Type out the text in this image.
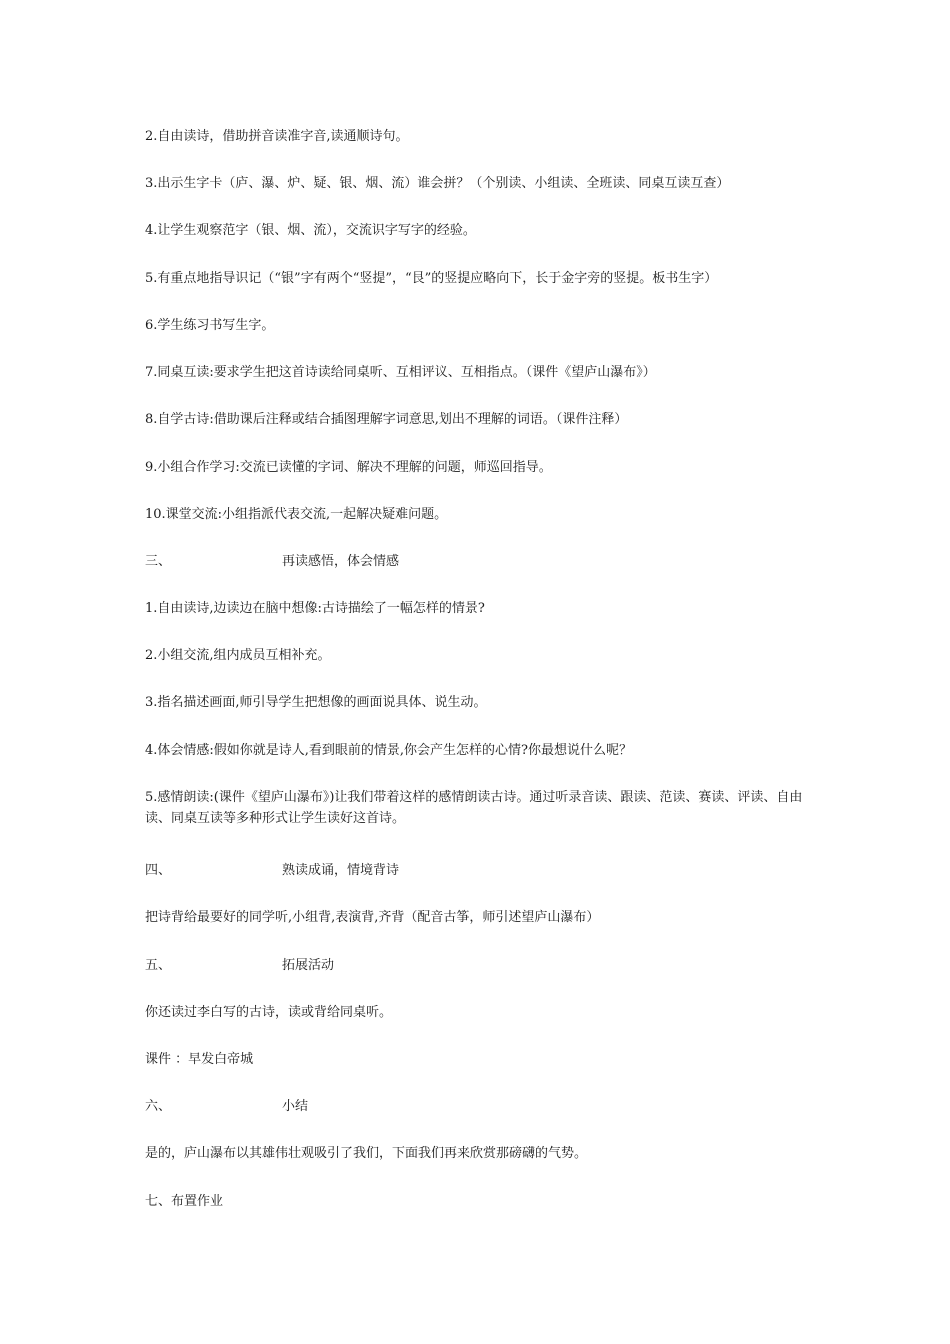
2.自由读诗，借助拼音读准字音,读通顺诗句。
3.出示生字卡（庐、瀑、炉、疑、银、烟、流）谁会拼？（个别读、小组读、全班读、同桌互读互查）
4.让学生观察范字（银、烟、流），交流识字写字的经验。
5.有重点地指导识记（“银”字有两个“竖提”，“艮”的竖提应略向下，长于金字旁的竖提。板书生字）
6.学生练习书写生字。
7.同桌互读:要求学生把这首诗读给同桌听、互相评议、互相指点。（课件《望庐山瀑布》）
8.自学古诗:借助课后注释或结合插图理解字词意思,划出不理解的词语。（课件注释）
9.小组合作学习:交流已读懂的字词、解决不理解的问题，师巡回指导。
10.课堂交流:小组指派代表交流,一起解决疑难问题。
三、	再读感悟，体会情感
1.自由读诗,边读边在脑中想像:古诗描绘了一幅怎样的情景?
2.小组交流,组内成员互相补充。
3.指名描述画面,师引导学生把想像的画面说具体、说生动。
4.体会情感:假如你就是诗人,看到眼前的情景,你会产生怎样的心情?你最想说什么呢？
5.感情朗读:(课件《望庐山瀑布》)让我们带着这样的感情朗读古诗。通过听录音读、跟读、范读、赛读、评读、自由读、同桌互读等多种形式让学生读好这首诗。
四、	熟读成诵，情境背诗
把诗背给最要好的同学听,小组背,表演背,齐背（配音古筝，师引述望庐山瀑布）
五、	拓展活动
你还读过李白写的古诗，读或背给同桌听。
课件 ：早发白帝城
六、	小结
是的，庐山瀑布以其雄伟壮观吸引了我们，下面我们再来欣赏那磅礴的气势。
七、布置作业
